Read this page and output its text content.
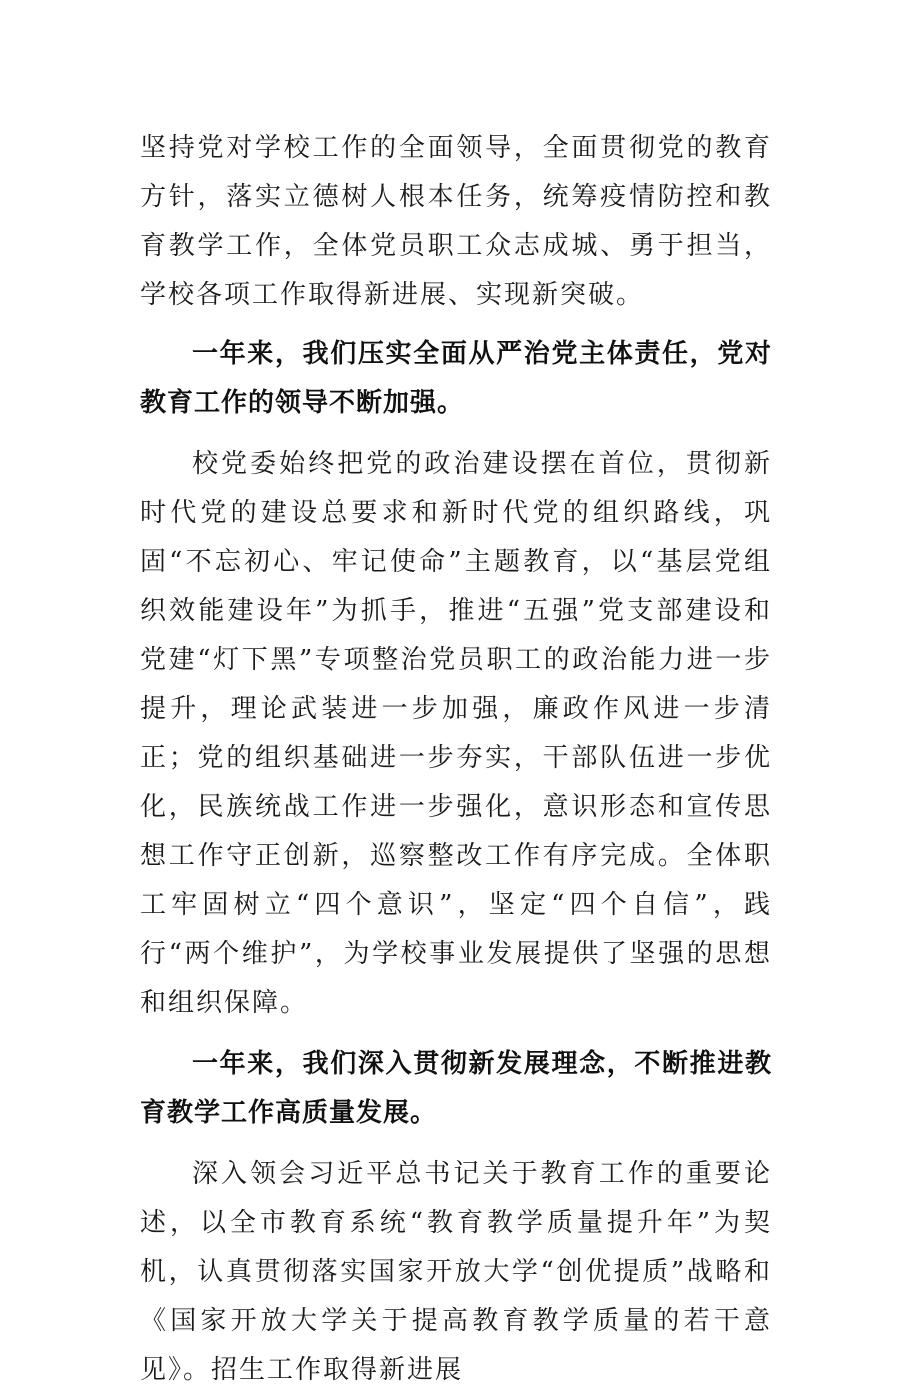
坚持党对学校工作的全面领导，全面贯彻党的教育方针，落实立德树人根本任务，统筹疫情防控和教育教学工作，全体党员职工众志成城、勇于担当，学校各项工作取得新进展、实现新突破。

一年来，我们压实全面从严治党主体责任，党对教育工作的领导不断加强。

校党委始终把党的政治建设摆在首位，贯彻新时代党的建设总要求和新时代党的组织路线，巩固“不忘初心、牢记使命”主题教育，以“基层党组织效能建设年”为抓手，推进“五强”党支部建设和党建“灯下黑”专项整治党员职工的政治能力进一步提升，理论武装进一步加强，廉政作风进一步清正；党的组织基础进一步夯实，干部队伍进一步优化，民族统战工作进一步强化，意识形态和宣传思想工作守正创新，巡察整改工作有序完成。全体职工牢固树立“四个意识”，坚定“四个自信”，践行“两个维护”，为学校事业发展提供了坚强的思想和组织保障。

一年来，我们深入贯彻新发展理念，不断推进教育教学工作高质量发展。

深入领会习近平总书记关于教育工作的重要论述，以全市教育系统“教育教学质量提升年”为契机，认真贯彻落实国家开放大学“创优提质”战略和《国家开放大学关于提高教育教学质量的若干意见》。招生工作取得新进展
